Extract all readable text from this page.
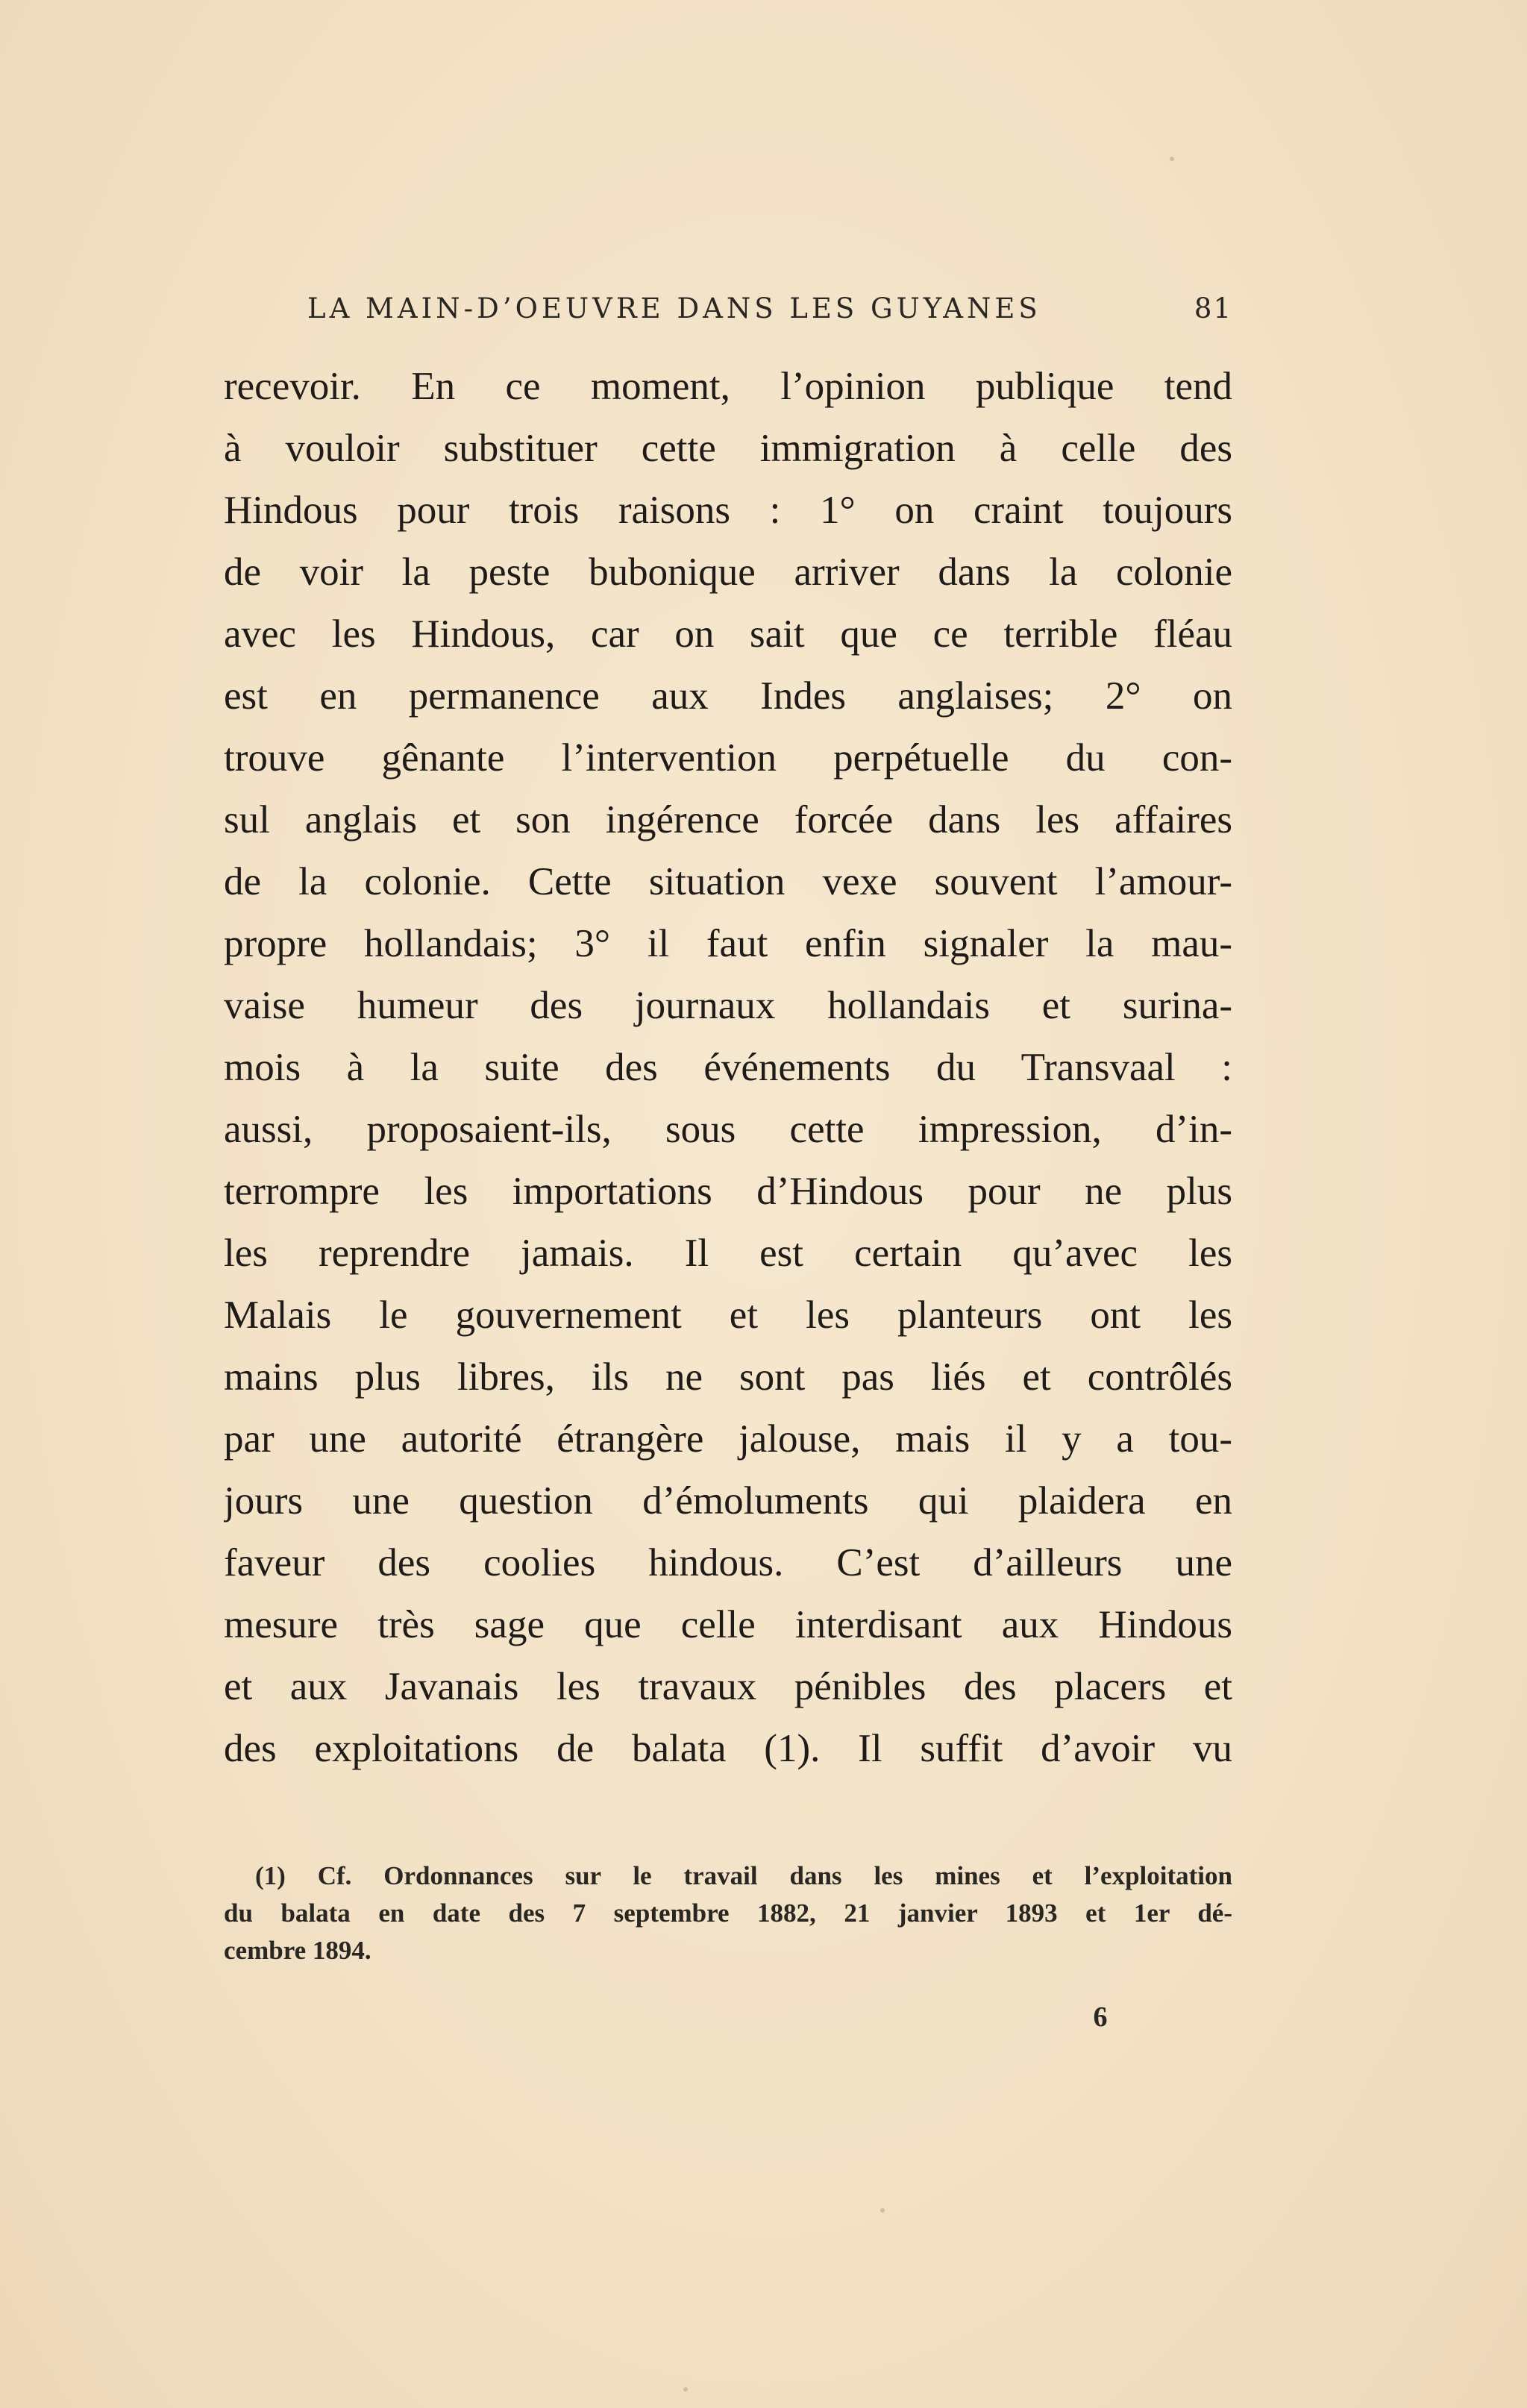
LA MAIN-D’OEUVRE DANS LES GUYANES	81
recevoir. En ce moment, l’opinion publique tend
à vouloir substituer cette immigration à celle des
Hindous pour trois raisons : 1° on craint toujours
de voir la peste bubonique arriver dans la colonie
avec les Hindous, car on sait que ce terrible fléau
est en permanence aux Indes anglaises; 2° on
trouve gênante l’intervention perpétuelle du con-
sul anglais et son ingérence forcée dans les affaires
de la colonie. Cette situation vexe souvent l’amour-
propre hollandais; 3° il faut enfin signaler la mau-
vaise humeur des journaux hollandais et surina-
mois à la suite des événements du Transvaal :
aussi, proposaient-ils, sous cette impression, d’in-
terrompre les importations d’Hindous pour ne plus
les reprendre jamais. Il est certain qu’avec les
Malais le gouvernement et les planteurs ont les
mains plus libres, ils ne sont pas liés et contrôlés
par une autorité étrangère jalouse, mais il y a tou-
jours une question d’émoluments qui plaidera en
faveur des coolies hindous. C’est d’ailleurs une
mesure très sage que celle interdisant aux Hindous
et aux Javanais les travaux pénibles des placers et
des exploitations de balata (1). Il suffit d’avoir vu
(1) Cf. Ordonnances sur le travail dans les mines et l’exploitation
du balata en date des 7 septembre 1882, 21 janvier 1893 et 1er dé-
cembre 1894.
6
